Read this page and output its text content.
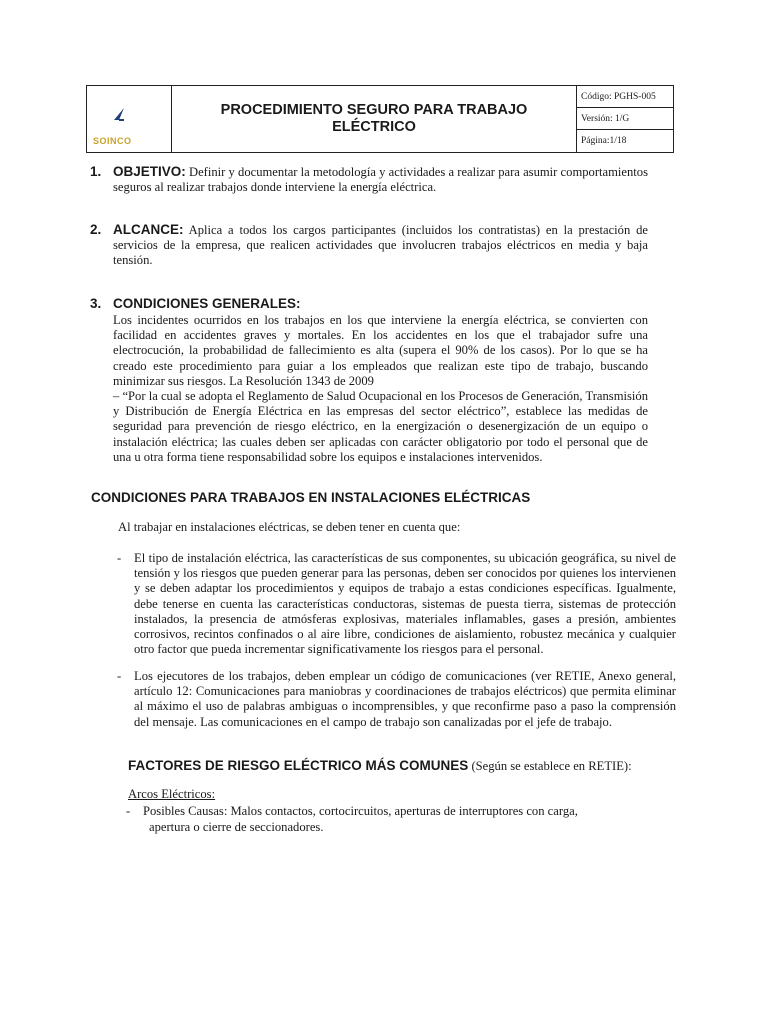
SOINCO
PROCEDIMIENTO SEGURO PARA TRABAJO ELÉCTRICO
Código: PGHS-005
Versión: 1/G
Página:1/18
1. OBJETIVO: Definir y documentar la metodología y actividades a realizar para asumir comportamientos seguros al realizar trabajos donde interviene la energía eléctrica.
2. ALCANCE: Aplica a todos los cargos participantes (incluidos los contratistas) en la prestación de servicios de la empresa, que realicen actividades que involucren trabajos eléctricos en media y baja tensión.
3. CONDICIONES GENERALES:
Los incidentes ocurridos en los trabajos en los que interviene la energía eléctrica, se convierten con facilidad en accidentes graves y mortales. En los accidentes en los que el trabajador sufre una electrocución, la probabilidad de fallecimiento es alta (supera el 90% de los casos). Por lo que se ha creado este procedimiento para guiar a los empleados que realizan este tipo de trabajo, buscando minimizar sus riesgos. La Resolución 1343 de 2009
– “Por la cual se adopta el Reglamento de Salud Ocupacional en los Procesos de Generación, Transmisión y Distribución de Energía Eléctrica en las empresas del sector eléctrico”, establece las medidas de seguridad para prevención de riesgo eléctrico, en la energización o desenergización de un equipo o instalación eléctrica; las cuales deben ser aplicadas con carácter obligatorio por todo el personal que de una u otra forma tiene responsabilidad sobre los equipos e instalaciones intervenidos.
CONDICIONES PARA TRABAJOS EN INSTALACIONES ELÉCTRICAS
Al trabajar en instalaciones eléctricas, se deben tener en cuenta que:
- El tipo de instalación eléctrica, las características de sus componentes, su ubicación geográfica, su nivel de tensión y los riesgos que pueden generar para las personas, deben ser conocidos por quienes los intervienen y se deben adaptar los procedimientos y equipos de trabajo a estas condiciones específicas. Igualmente, debe tenerse en cuenta las características conductoras, sistemas de puesta tierra, sistemas de protección instalados, la presencia de atmósferas explosivas, materiales inflamables, gases a presión, ambientes corrosivos, recintos confinados o al aire libre, condiciones de aislamiento, robustez mecánica y cualquier otro factor que pueda incrementar significativamente los riesgos para el personal.
- Los ejecutores de los trabajos, deben emplear un código de comunicaciones (ver RETIE, Anexo general, artículo 12: Comunicaciones para maniobras y coordinaciones de trabajos eléctricos) que permita eliminar al máximo el uso de palabras ambiguas o incomprensibles, y que reconfirme paso a paso la comprensión del mensaje. Las comunicaciones en el campo de trabajo son canalizadas por el jefe de trabajo.
FACTORES DE RIESGO ELÉCTRICO MÁS COMUNES (Según se establece en RETIE):
Arcos Eléctricos:
- Posibles Causas: Malos contactos, cortocircuitos, aperturas de interruptores con carga,
apertura o cierre de seccionadores.
